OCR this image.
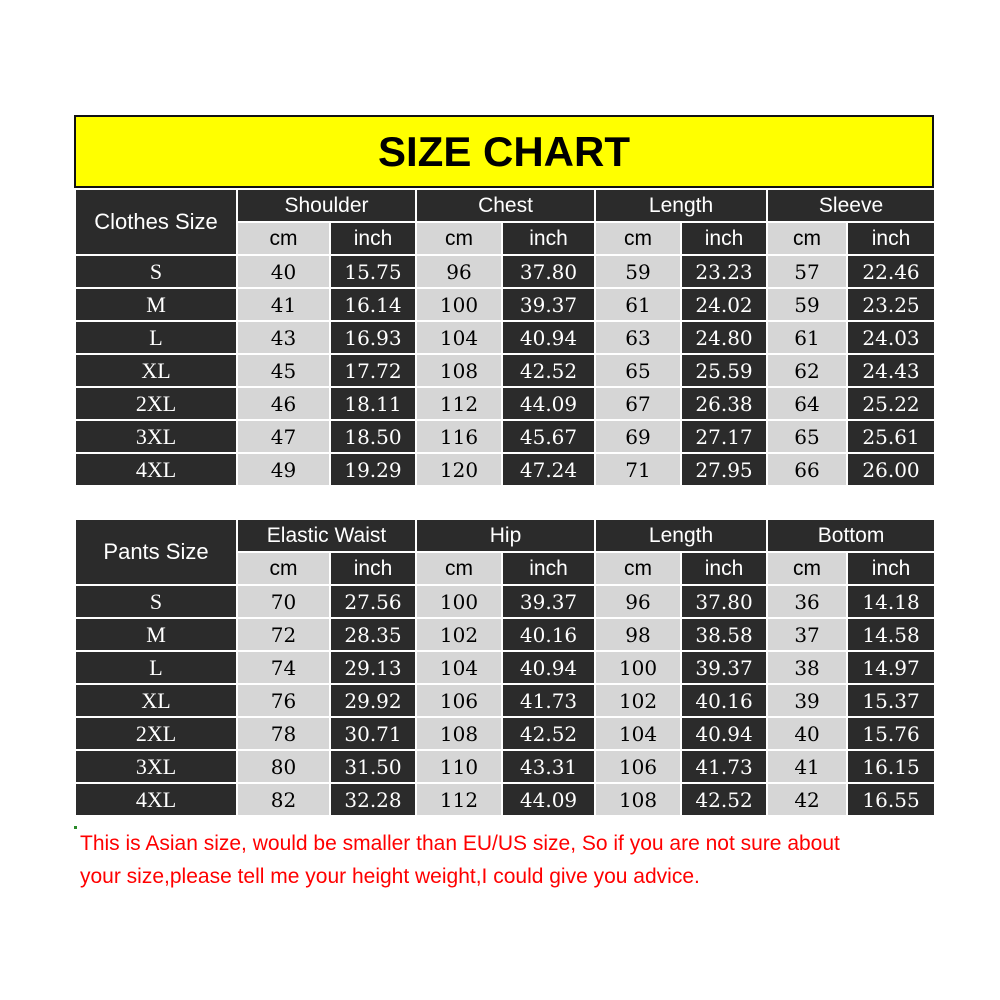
SIZE CHART
Clothes Size	Shoulder		Chest		Length		Sleeve	
	cm	inch	cm	inch	cm	inch	cm	inch
S	40	15.75	96	37.80	59	23.23	57	22.46
M	41	16.14	100	39.37	61	24.02	59	23.25
L	43	16.93	104	40.94	63	24.80	61	24.03
XL	45	17.72	108	42.52	65	25.59	62	24.43
2XL	46	18.11	112	44.09	67	26.38	64	25.22
3XL	47	18.50	116	45.67	69	27.17	65	25.61
4XL	49	19.29	120	47.24	71	27.95	66	26.00
Pants Size	Elastic Waist		Hip		Length		Bottom	
	cm	inch	cm	inch	cm	inch	cm	inch
S	70	27.56	100	39.37	96	37.80	36	14.18
M	72	28.35	102	40.16	98	38.58	37	14.58
L	74	29.13	104	40.94	100	39.37	38	14.97
XL	76	29.92	106	41.73	102	40.16	39	15.37
2XL	78	30.71	108	42.52	104	40.94	40	15.76
3XL	80	31.50	110	43.31	106	41.73	41	16.15
4XL	82	32.28	112	44.09	108	42.52	42	16.55

This is Asian size, would be smaller than EU/US size, So if you are not sure about

your size,please tell me your height weight,I could give you advice.
